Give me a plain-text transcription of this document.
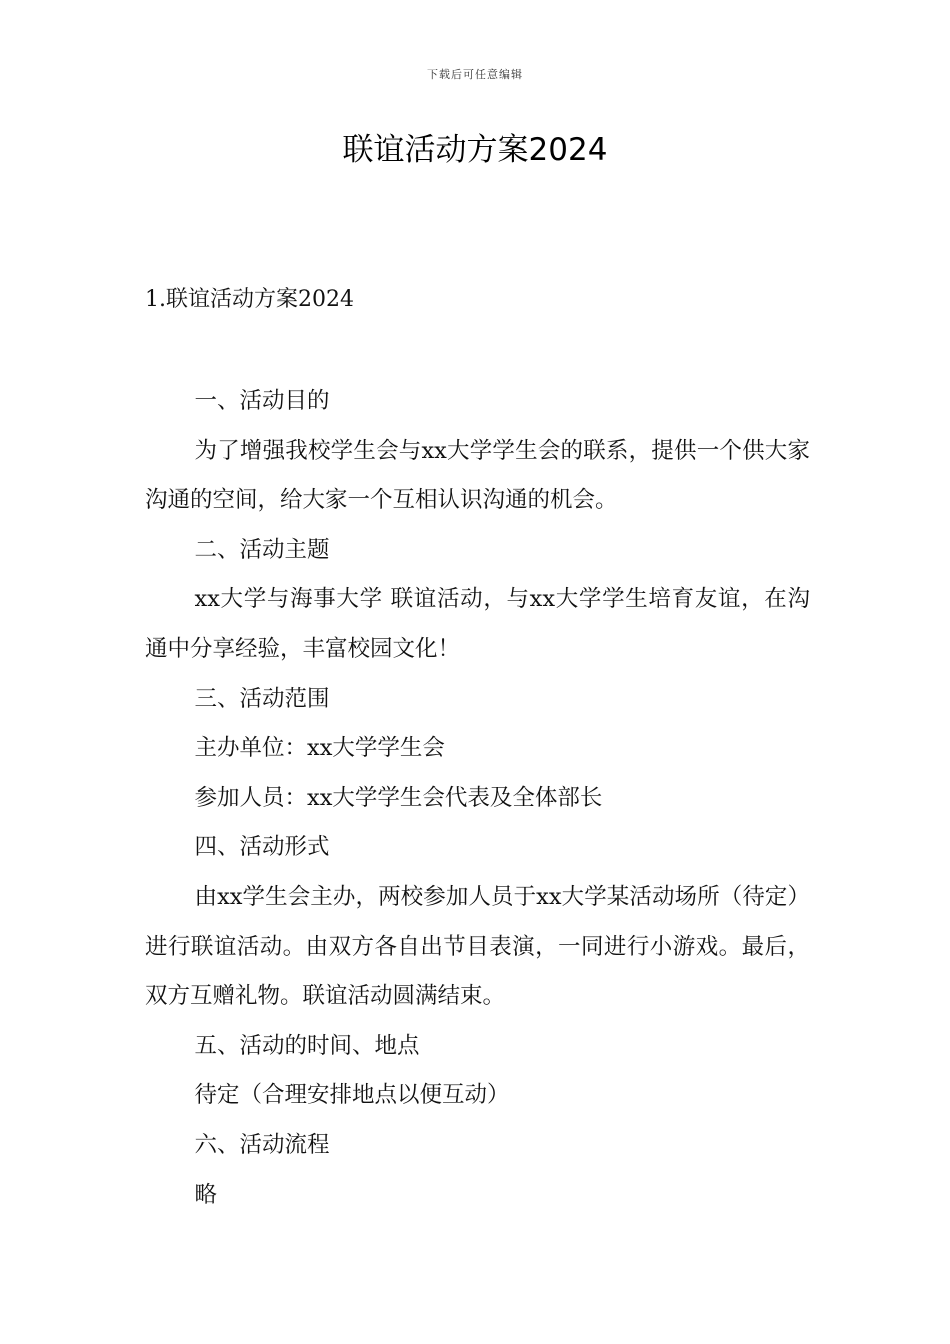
下载后可任意编辑
联谊活动方案2024
1.联谊活动方案2024

一、活动目的

为了增强我校学生会与xx大学学生会的联系，提供一个供大家沟通的空间，给大家一个互相认识沟通的机会。

二、活动主题

xx大学与海事大学 联谊活动，与xx大学学生培育友谊，在沟通中分享经验，丰富校园文化！

三、活动范围

主办单位：xx大学学生会

参加人员：xx大学学生会代表及全体部长

四、活动形式

由xx学生会主办，两校参加人员于xx大学某活动场所（待定）进行联谊活动。由双方各自出节目表演，一同进行小游戏。最后，双方互赠礼物。联谊活动圆满结束。

五、活动的时间、地点

待定（合理安排地点以便互动）

六、活动流程

略
